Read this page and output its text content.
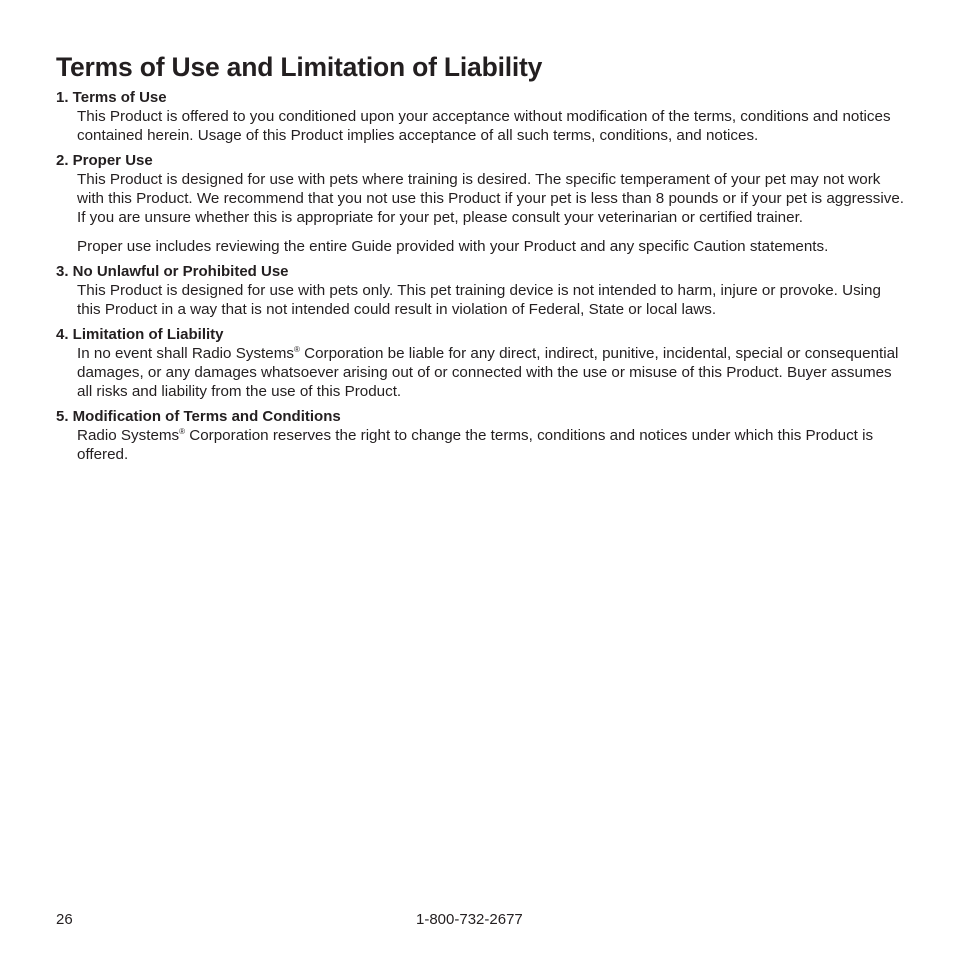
Terms of Use and Limitation of Liability
1. Terms of Use

This Product is offered to you conditioned upon your acceptance without modification of the terms, conditions and notices contained herein. Usage of this Product implies acceptance of all such terms, conditions, and notices.

2. Proper Use

This Product is designed for use with pets where training is desired. The specific temperament of your pet may not work with this Product. We recommend that you not use this Product if your pet is less than 8 pounds or if your pet is aggressive. If you are unsure whether this is appropriate for your pet, please consult your veterinarian or certified trainer.

Proper use includes reviewing the entire Guide provided with your Product and any specific Caution statements.

3. No Unlawful or Prohibited Use

This Product is designed for use with pets only. This pet training device is not intended to harm, injure or provoke. Using this Product in a way that is not intended could result in violation of Federal, State or local laws.

4. Limitation of Liability

In no event shall Radio Systems® Corporation be liable for any direct, indirect, punitive, incidental, special or consequential damages, or any damages whatsoever arising out of or connected with the use or misuse of this Product. Buyer assumes all risks and liability from the use of this Product.

5. Modification of Terms and Conditions

Radio Systems® Corporation reserves the right to change the terms, conditions and notices under which this Product is offered.

26	1-800-732-2677
